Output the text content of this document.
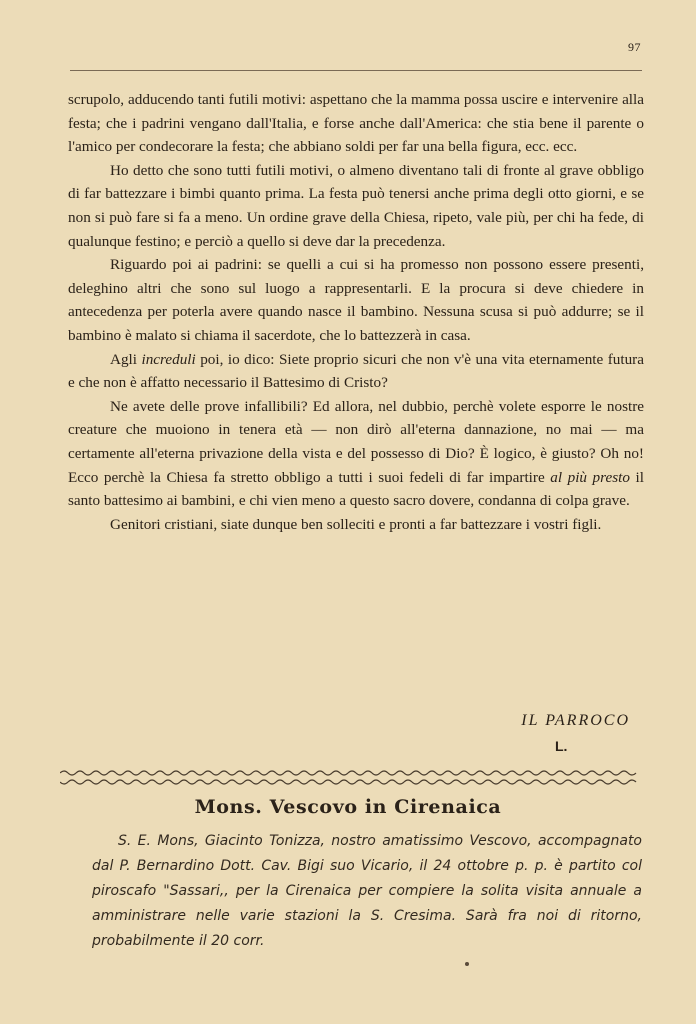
97

scrupolo, adducendo tanti futili motivi: aspettano che la mamma possa uscire e intervenire alla festa; che i padrini vengano dall'Italia, e forse anche dall'America: che stia bene il parente o l'amico per condecorare la festa; che abbiano soldi per far una bella figura, ecc. ecc.

Ho detto che sono tutti futili motivi, o almeno diventano tali di fronte al grave obbligo di far battezzare i bimbi quanto prima. La festa può tenersi anche prima degli otto giorni, e se non si può fare si fa a meno. Un ordine grave della Chiesa, ripeto, vale più, per chi ha fede, di qualunque festino; e perciò a quello si deve dar la precedenza.

Riguardo poi ai padrini: se quelli a cui si ha promesso non possono essere presenti, deleghino altri che sono sul luogo a rappresentarli. E la procura si deve chiedere in antecedenza per poterla avere quando nasce il bambino. Nessuna scusa si può addurre; se il bambino è malato si chiama il sacerdote, che lo battezzerà in casa.

Agli increduli poi, io dico: Siete proprio sicuri che non v'è una vita eternamente futura e che non è affatto necessario il Battesimo di Cristo?

Ne avete delle prove infallibili? Ed allora, nel dubbio, perchè volete esporre le nostre creature che muoiono in tenera età — non dirò all'eterna dannazione, no mai — ma certamente all'eterna privazione della vista e del possesso di Dio? È logico, è giusto? Oh no! Ecco perchè la Chiesa fa stretto obbligo a tutti i suoi fedeli di far impartire al più presto il santo battesimo ai bambini, e chi vien meno a questo sacro dovere, condanna di colpa grave.

Genitori cristiani, siate dunque ben solleciti e pronti a far battezzare i vostri figli.

IL PARROCO
L.
Mons. Vescovo in Cirenaica

S. E. Mons, Giacinto Tonizza, nostro amatissimo Vescovo, accompagnato dal P. Bernardino Dott. Cav. Bigi suo Vicario, il 24 ottobre p. p. è partito col piroscafo "Sassari,, per la Cirenaica per compiere la solita visita annuale a amministrare nelle varie stazioni la S. Cresima. Sarà fra noi di ritorno, probabilmente il 20 corr.
